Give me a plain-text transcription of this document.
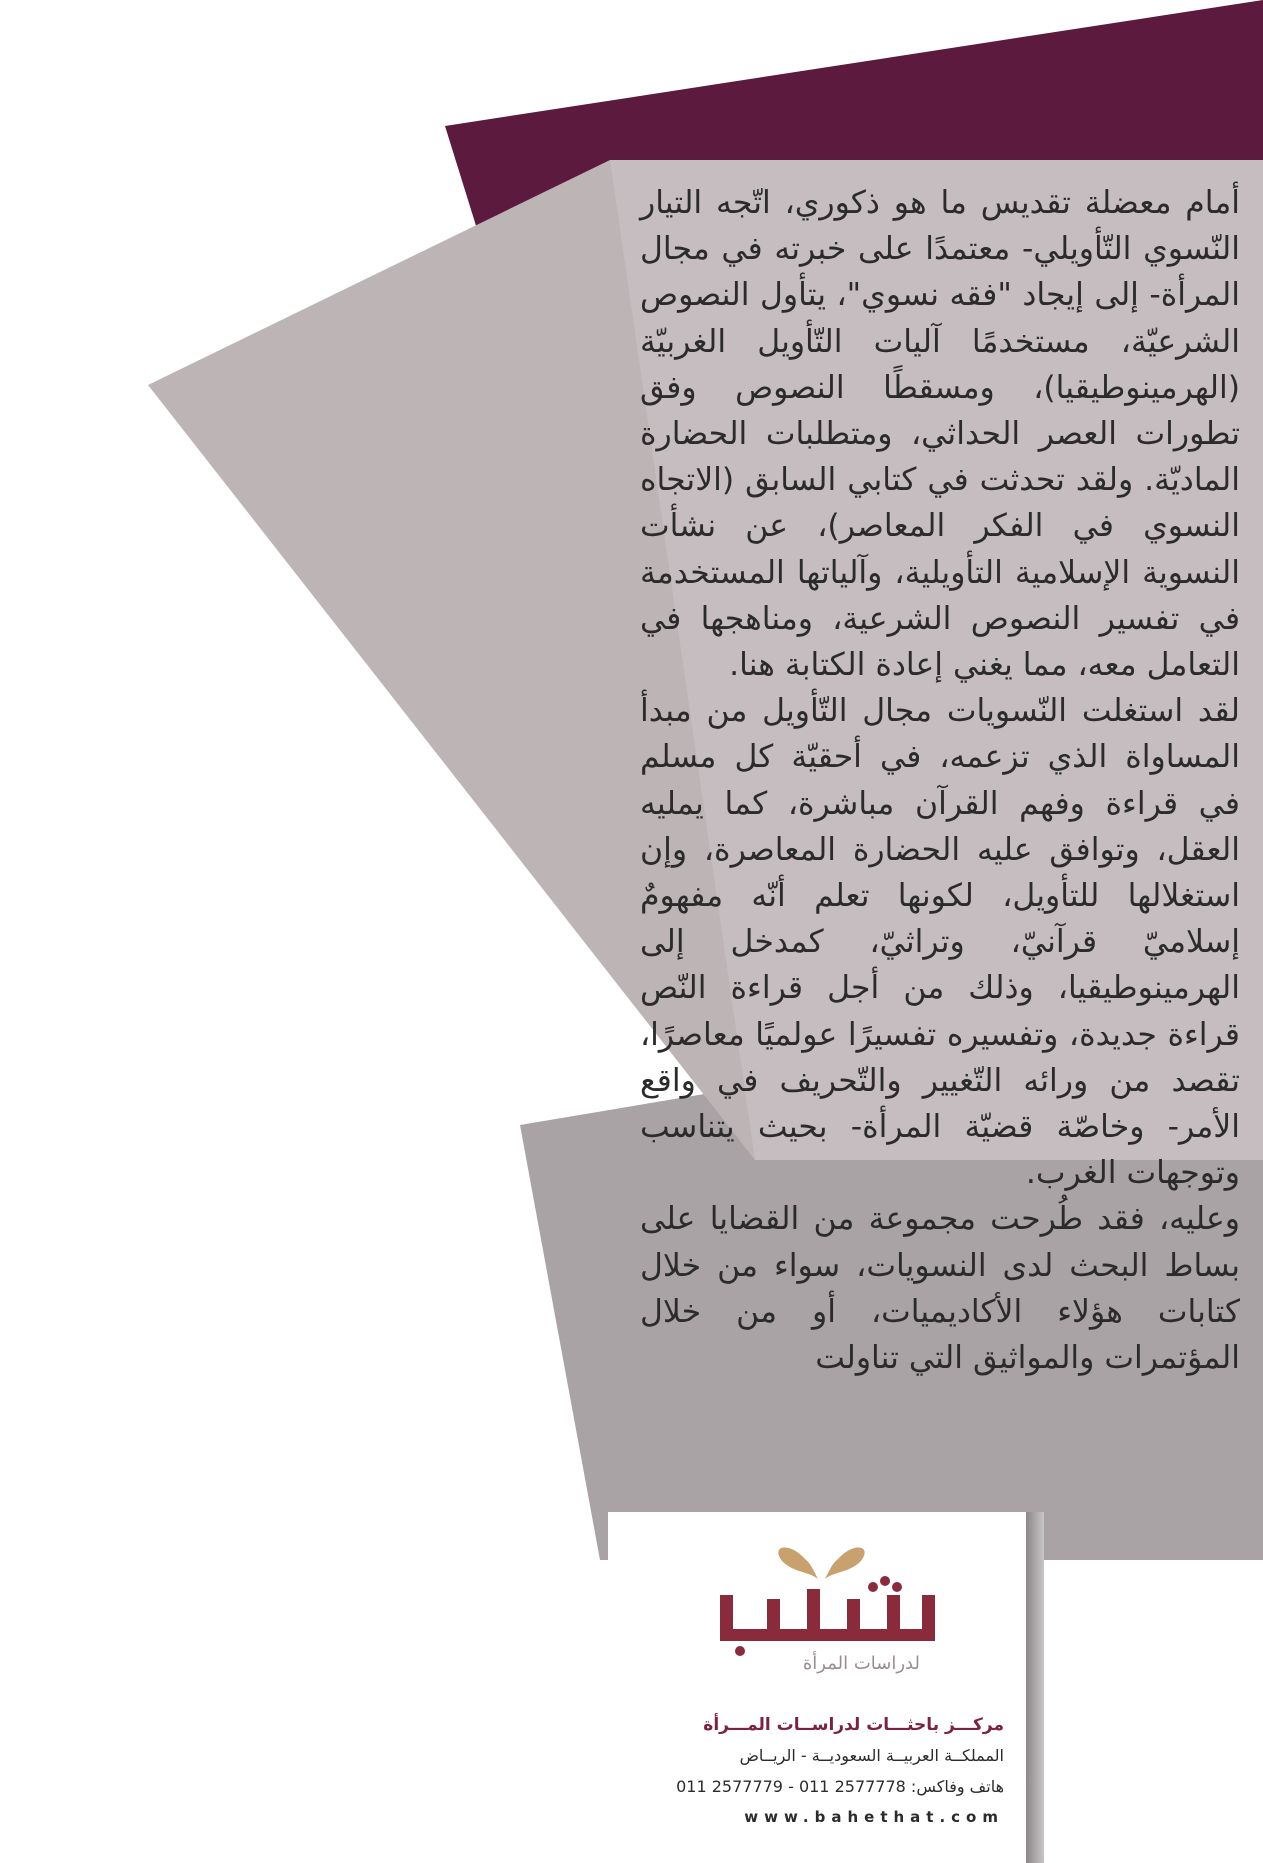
أمام معضلة تقديس ما هو ذكوري، اتّجه التيار النّسوي التّأويلي- معتمدًا على خبرته في مجال المرأة- إلى إيجاد "فقه نسوي"، يتأول النصوص الشرعيّة، مستخدمًا آليات التّأويل الغربيّة (الهرمينوطيقيا)، ومسقطًا النصوص وفق تطورات العصر الحداثي، ومتطلبات الحضارة الماديّة. ولقد تحدثت في كتابي السابق (الاتجاه النسوي في الفكر المعاصر)، عن نشأت النسوية الإسلامية التأويلية، وآلياتها المستخدمة في تفسير النصوص الشرعية، ومناهجها في التعامل معه، مما يغني إعادة الكتابة هنا.

لقد استغلت النّسويات مجال التّأويل من مبدأ المساواة الذي تزعمه، في أحقيّة كل مسلم في قراءة وفهم القرآن مباشرة، كما يمليه العقل، وتوافق عليه الحضارة المعاصرة، وإن استغلالها للتأويل، لكونها تعلم أنّه مفهومٌ إسلاميّ قرآنيّ، وتراثيّ، كمدخل إلى الهرمينوطيقيا، وذلك من أجل قراءة النّص قراءة جديدة، وتفسيره تفسيرًا عولميًا معاصرًا، تقصد من ورائه التّغيير والتّحريف في واقع الأمر- وخاصّة قضيّة المرأة- بحيث يتناسب وتوجهات الغرب.

وعليه، فقد طُرحت مجموعة من القضايا على بساط البحث لدى النسويات، سواء من خلال كتابات هؤلاء الأكاديميات، أو من خلال المؤتمرات والمواثيق التي تناولت

لدراسات المرأة
مركـــز باحثـــات لدراســات المـــرأة
المملكــة العربيــة السعوديــة - الريــاض
هاتف وفاكس: 2577778 011 - 2577779 011
www.bahethat.com
